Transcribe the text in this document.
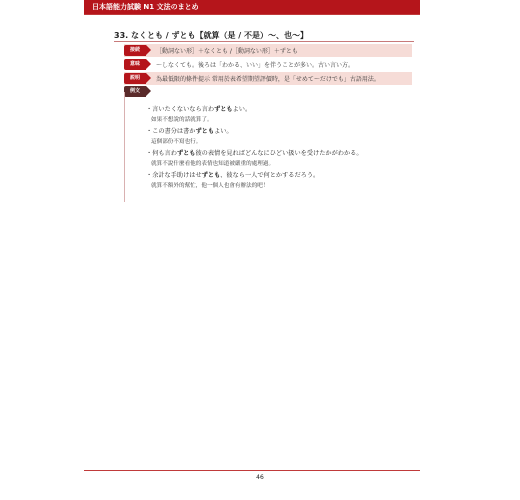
日本語能力試験 N1 文法のまとめ
33. なくとも / ずとも【就算（是 / 不是）～、也～】
接続	［動詞ない形］＋なくとも /［動詞ない形］＋ずとも
意味	～しなくても。後ろは「わかる、いい」を伴うことが多い。古い言い方。
説明	為最低限的條件提示 常用於表希望期望評價時，是「せめて～だけでも」古語用法。
例文
・言いたくないなら言わずともよい。
如果不想說的話就算了。
・この書分は書かずともよい。
這個部份不寫也行。
・何も言わずとも彼の表情を見ればどんなにひどい扱いを受けたかがわかる。
就算不說什麼看他的表情也知道被嚴重的處理過。
・余計な手助けはせずとも、彼なら一人で何とかするだろう。
就算不額外的幫忙，他一個人也會有辦法的吧！
46
